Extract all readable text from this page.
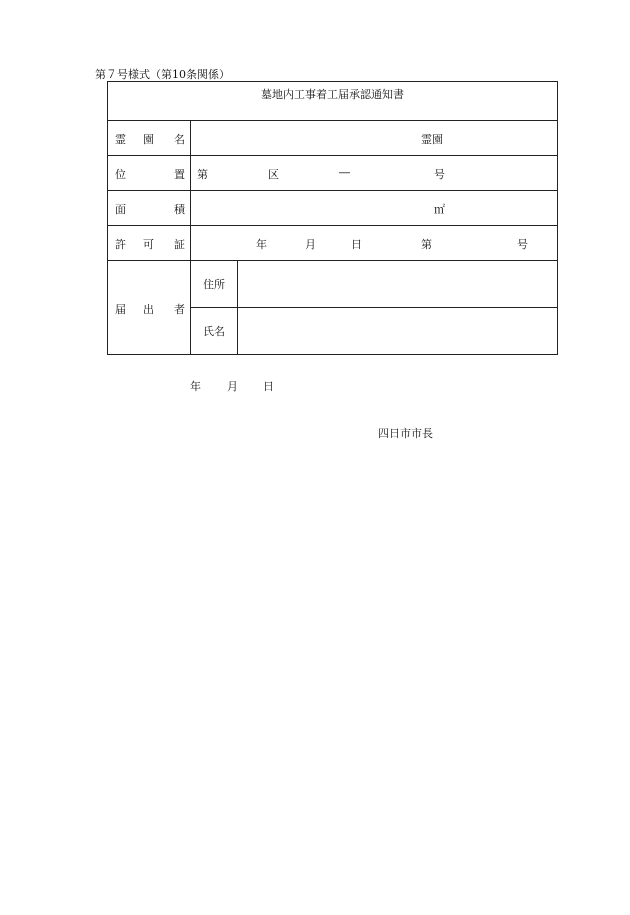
第７号様式（第10条関係）
墓地内工事着工届承認通知書		

霊 園 名	霊園	

位 置	第 区 ― 号	

面 積	㎡	

許 可 証	年 月 日 第 号	

届 出 者	住所	
	氏名	
年 月 日
四日市市長
